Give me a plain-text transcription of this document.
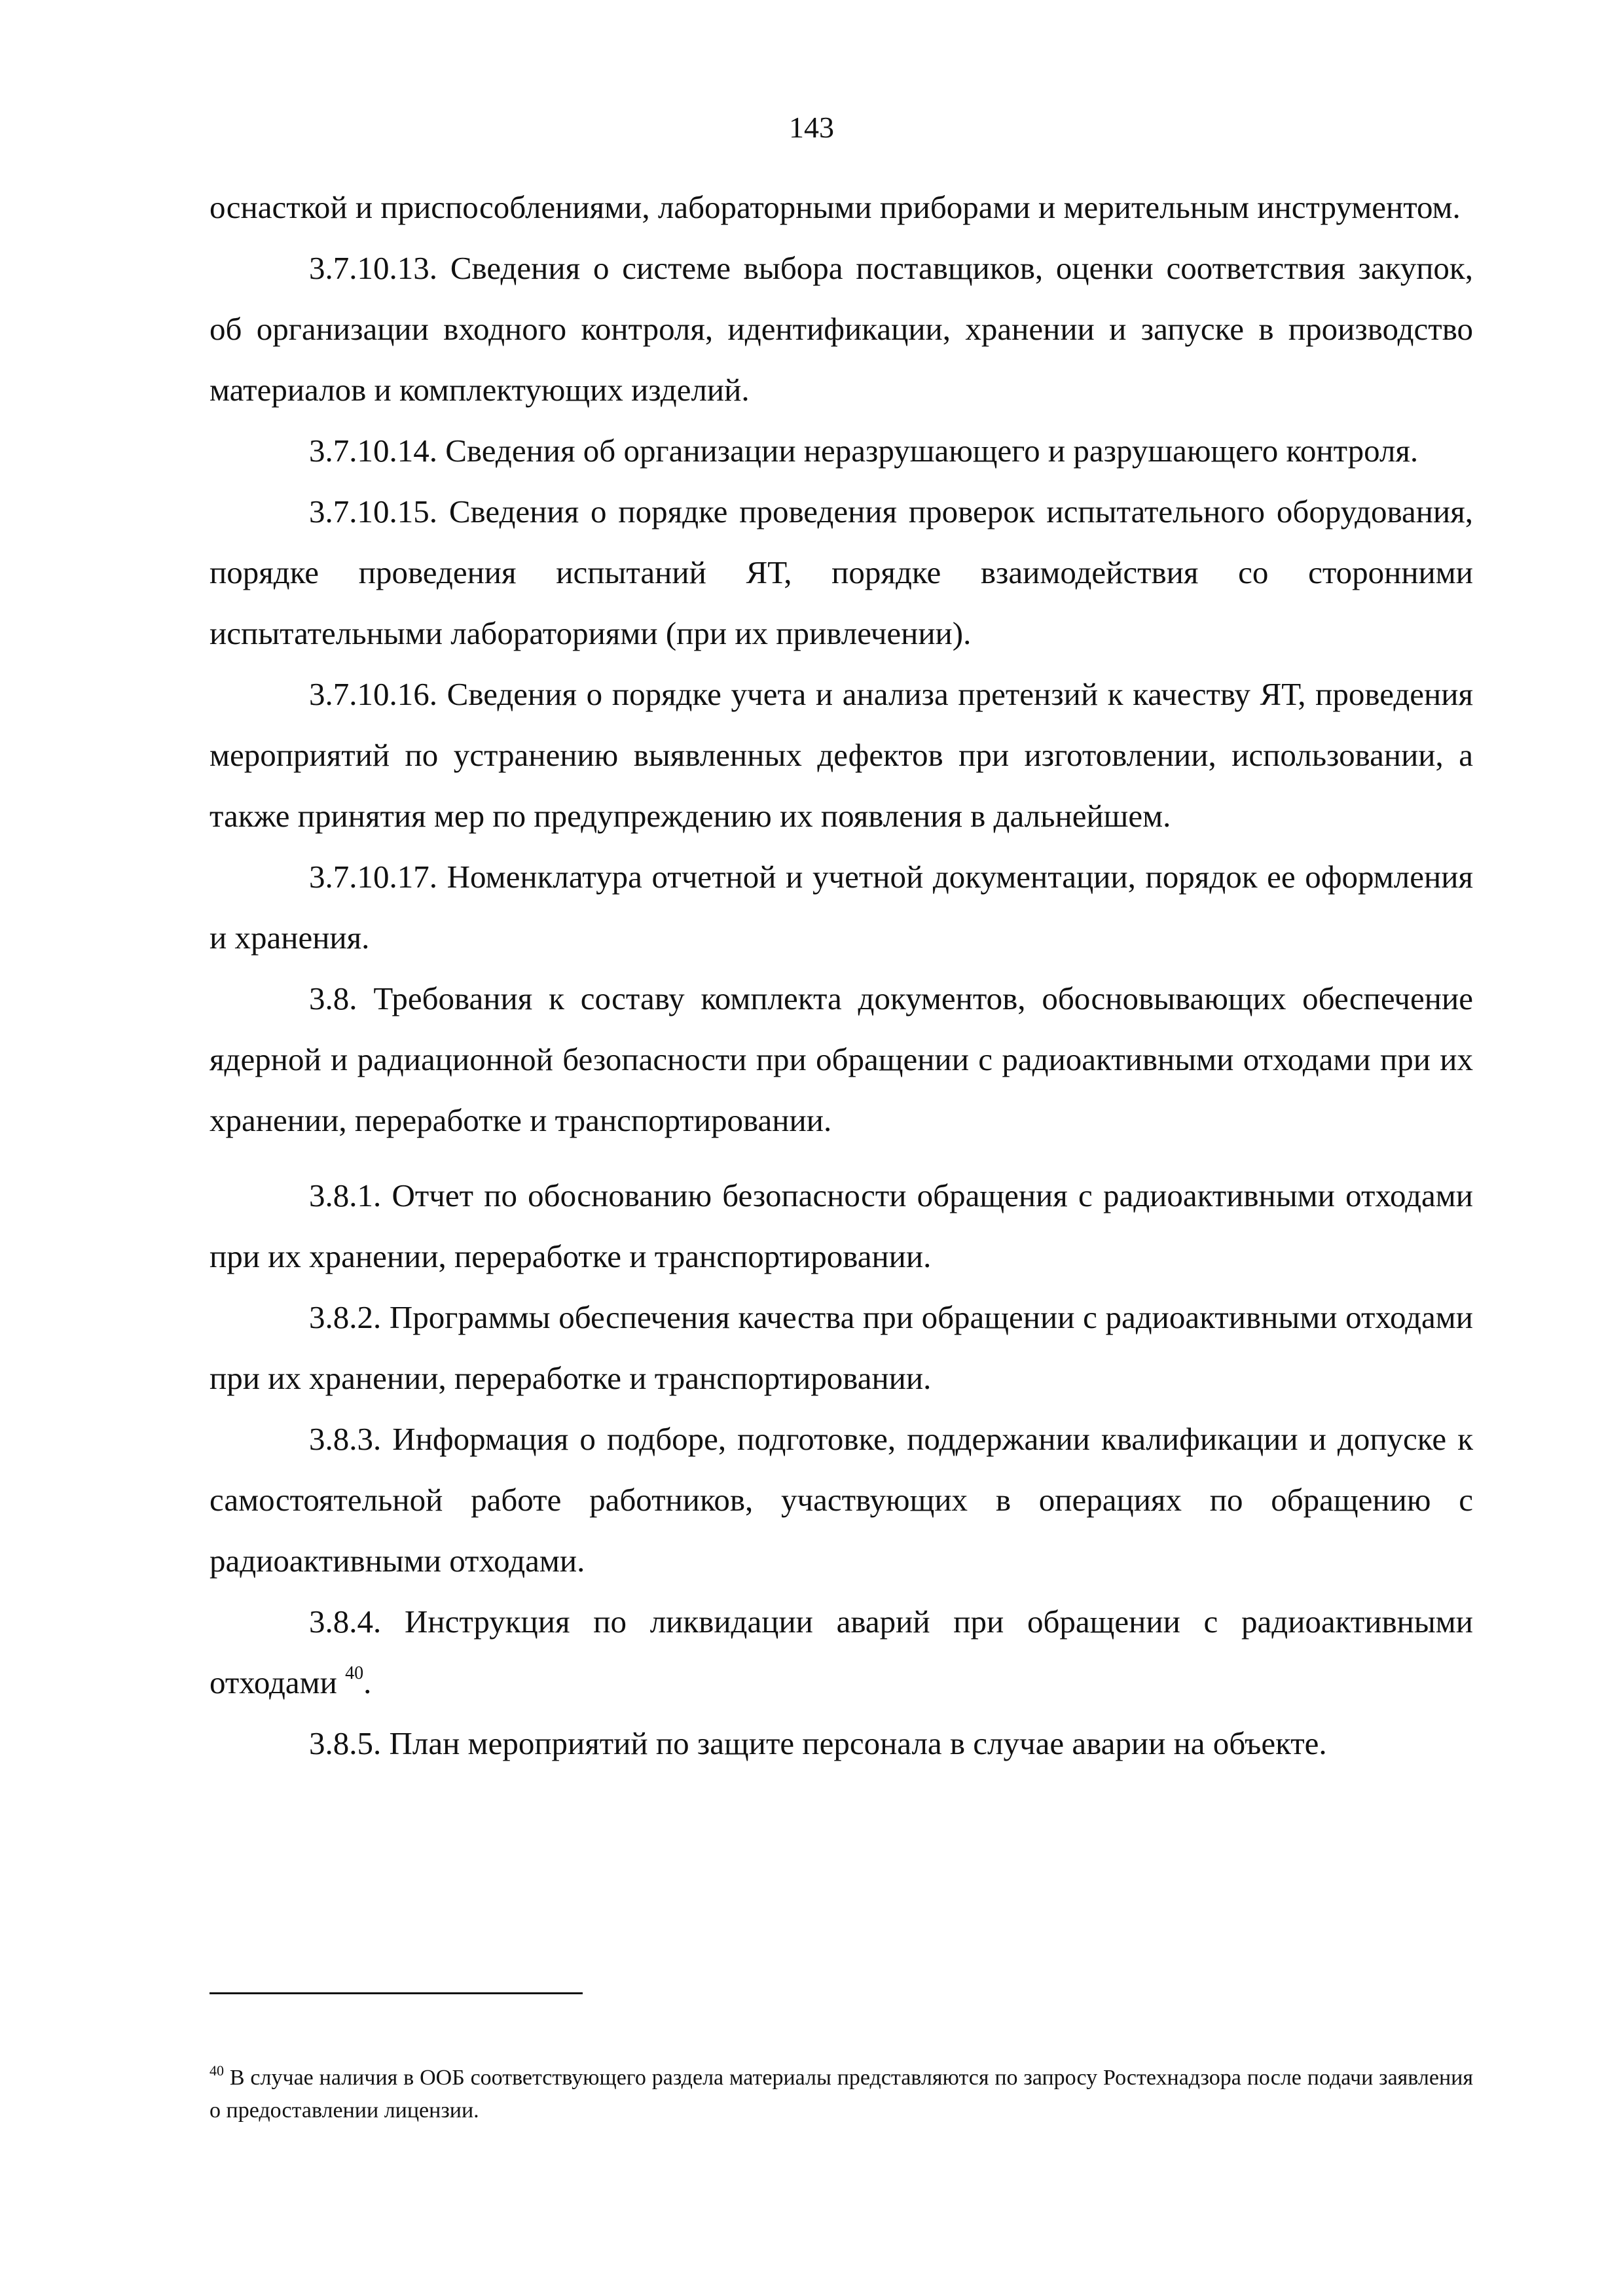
143

оснасткой и приспособлениями, лабораторными приборами и мерительным инструментом.

3.7.10.13. Сведения о системе выбора поставщиков, оценки соответствия закупок, об организации входного контроля, идентификации, хранении и запуске в производство материалов и комплектующих изделий.

3.7.10.14. Сведения об организации неразрушающего и разрушающего контроля.

3.7.10.15. Сведения о порядке проведения проверок испытательного оборудования, порядке проведения испытаний ЯТ, порядке взаимодействия со сторонними испытательными лабораториями (при их привлечении).

3.7.10.16. Сведения о порядке учета и анализа претензий к качеству ЯТ, проведения мероприятий по устранению выявленных дефектов при изготовлении, использовании, а также принятия мер по предупреждению их появления в дальнейшем.

3.7.10.17. Номенклатура отчетной и учетной документации, порядок ее оформления и хранения.

3.8. Требования к составу комплекта документов, обосновывающих обеспечение ядерной и радиационной безопасности при обращении с радиоактивными отходами при их хранении, переработке и транспортировании.

3.8.1. Отчет по обоснованию безопасности обращения с радиоактивными отходами при их хранении, переработке и транспортировании.

3.8.2. Программы обеспечения качества при обращении с радиоактивными отходами при их хранении, переработке и транспортировании.

3.8.3. Информация о подборе, подготовке, поддержании квалификации и допуске к самостоятельной работе работников, участвующих в операциях по обращению с радиоактивными отходами.

3.8.4. Инструкция по ликвидации аварий при обращении с радиоактивными отходами $^{40}$.

3.8.5. План мероприятий по защите персонала в случае аварии на объекте.

$^{40}$ В случае наличия в ООБ соответствующего раздела материалы представляются по запросу Ростехнадзора после подачи заявления о предоставлении лицензии.
